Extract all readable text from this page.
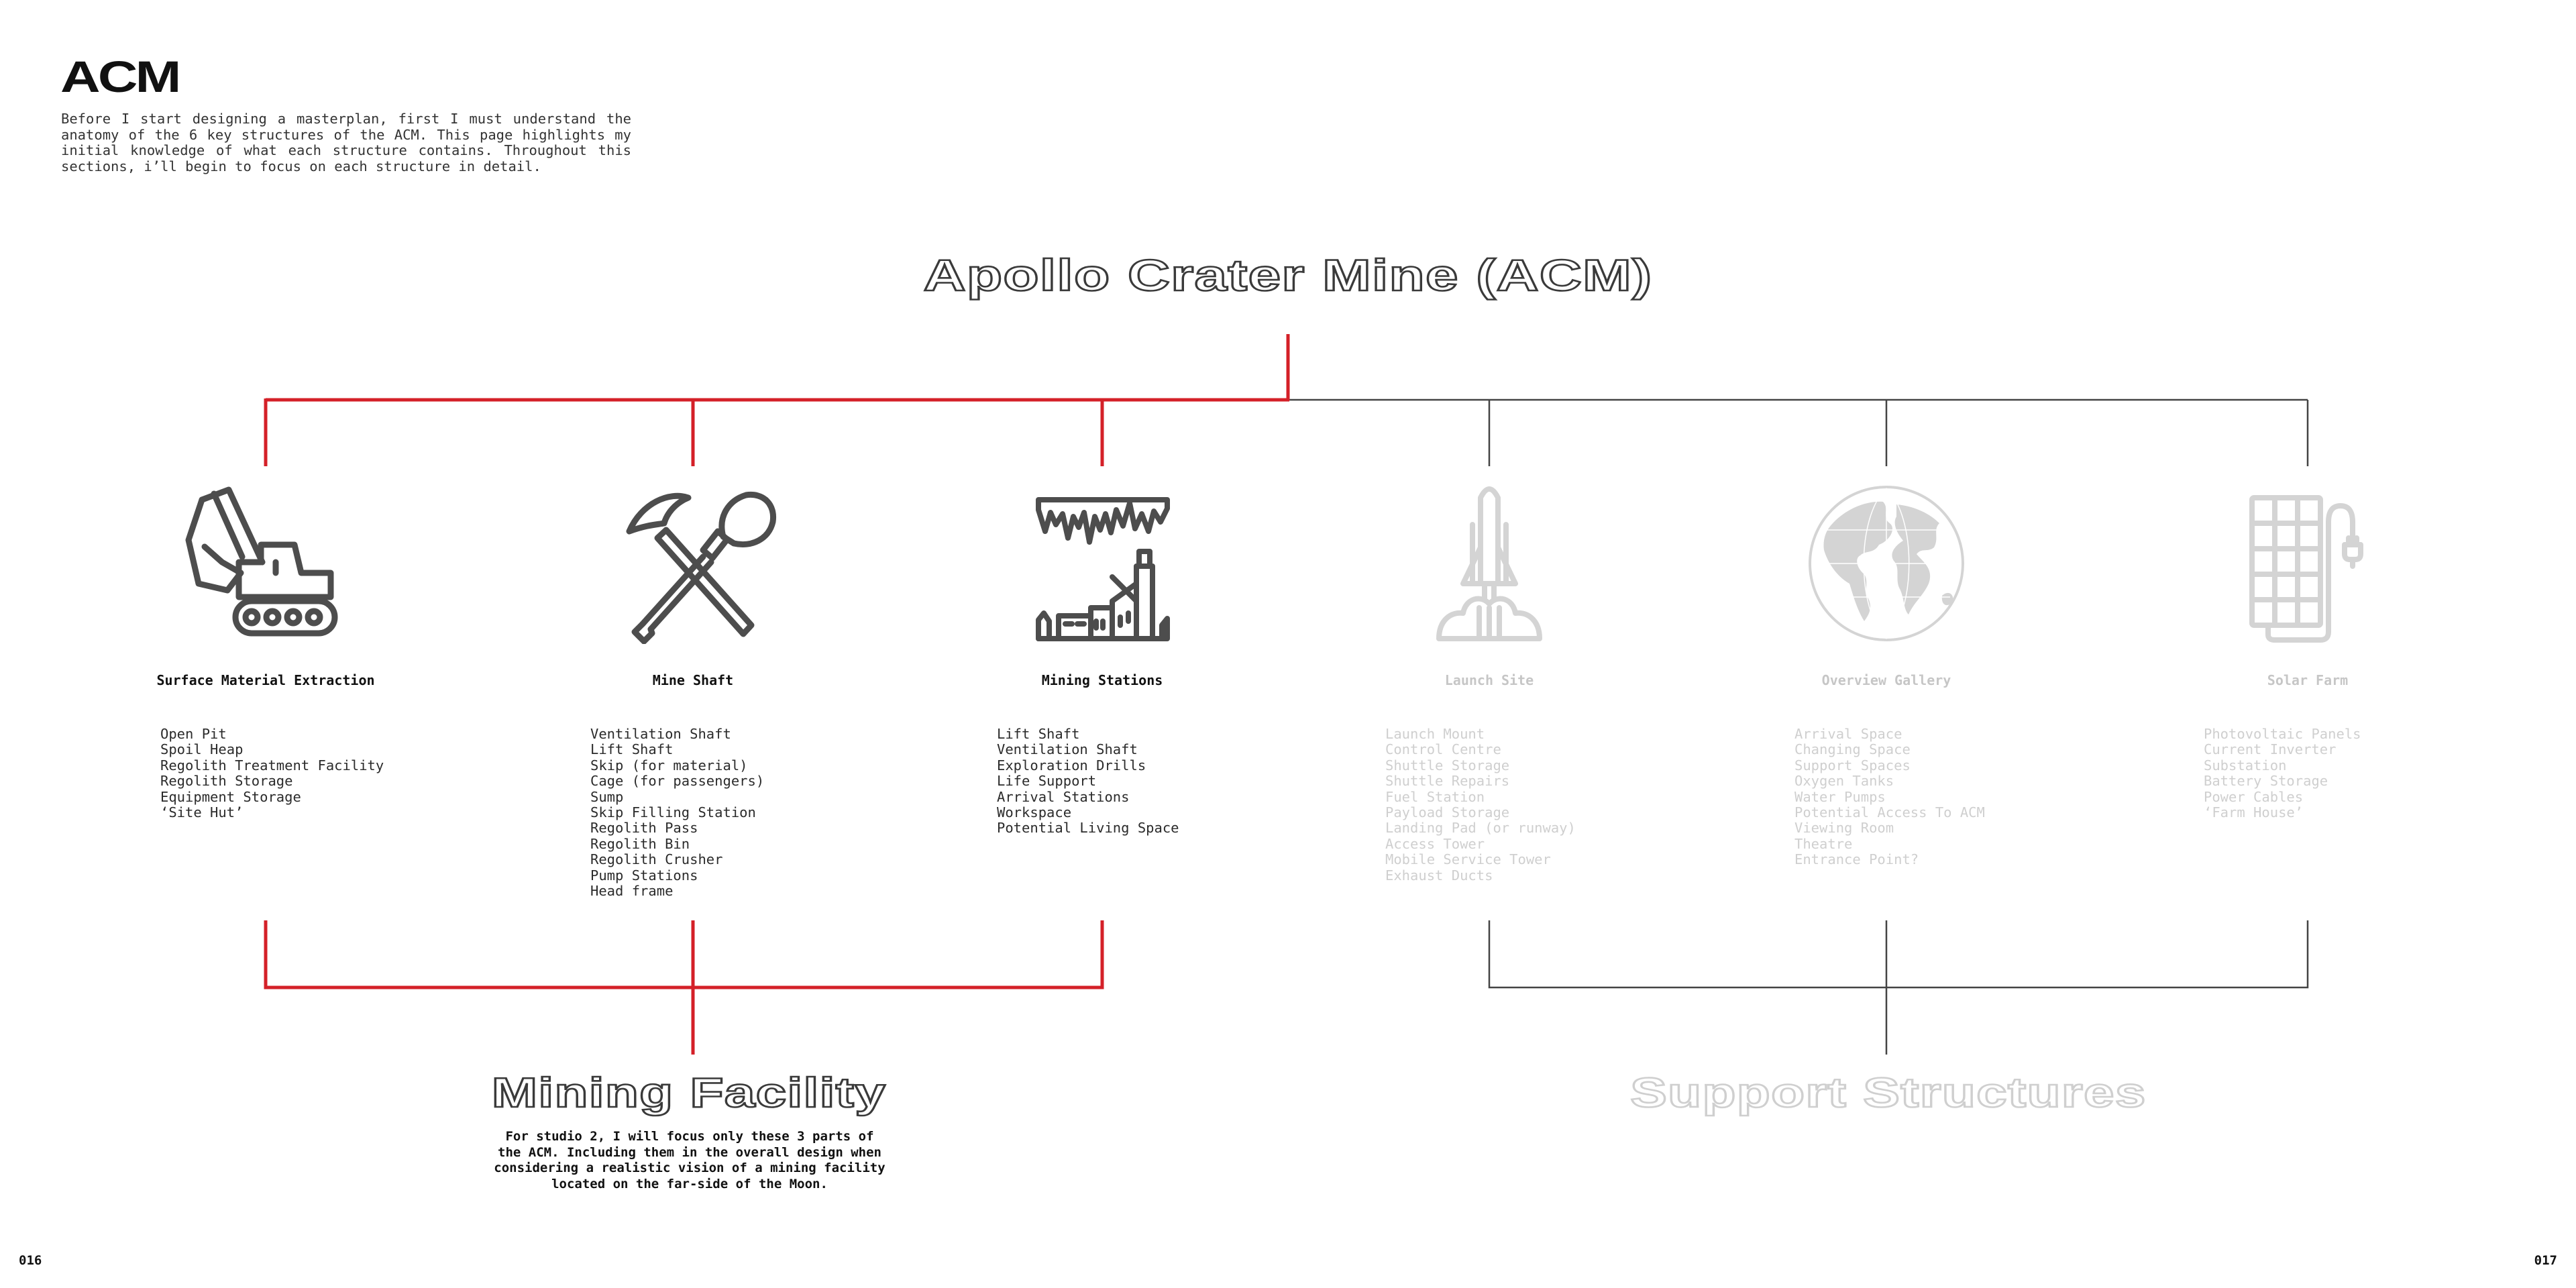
ACM

Before I start designing a masterplan, first I must understand the anatomy of the 6 key structures of the ACM. This page highlights my initial knowledge of what each structure contains. Throughout this sections, i’ll begin to focus on each structure in detail.

Apollo Crater Mine (ACM)

Surface Material Extraction

Open Pit
Spoil Heap
Regolith Treatment Facility
Regolith Storage
Equipment Storage
‘Site Hut’

Mine Shaft

Ventilation Shaft
Lift Shaft
Skip (for material)
Cage (for passengers)
Sump
Skip Filling Station
Regolith Pass
Regolith Bin
Regolith Crusher
Pump Stations
Head frame

Mining Stations

Lift Shaft
Ventilation Shaft
Exploration Drills
Life Support
Arrival Stations
Workspace
Potential Living Space

Launch Site

Launch Mount
Control Centre
Shuttle Storage
Shuttle Repairs
Fuel Station
Payload Storage
Landing Pad (or runway)
Access Tower
Mobile Service Tower
Exhaust Ducts

Overview Gallery

Arrival Space
Changing Space
Support Spaces
Oxygen Tanks
Water Pumps
Potential Access To ACM
Viewing Room
Theatre
Entrance Point?

Solar Farm

Photovoltaic Panels
Current Inverter
Substation
Battery Storage
Power Cables
‘Farm House’
Mining Facility

For studio 2, I will focus only these 3 parts of the ACM. Including them in the overall design when considering a realistic vision of a mining facility located on the far-side of the Moon.

Support Structures

016	017
